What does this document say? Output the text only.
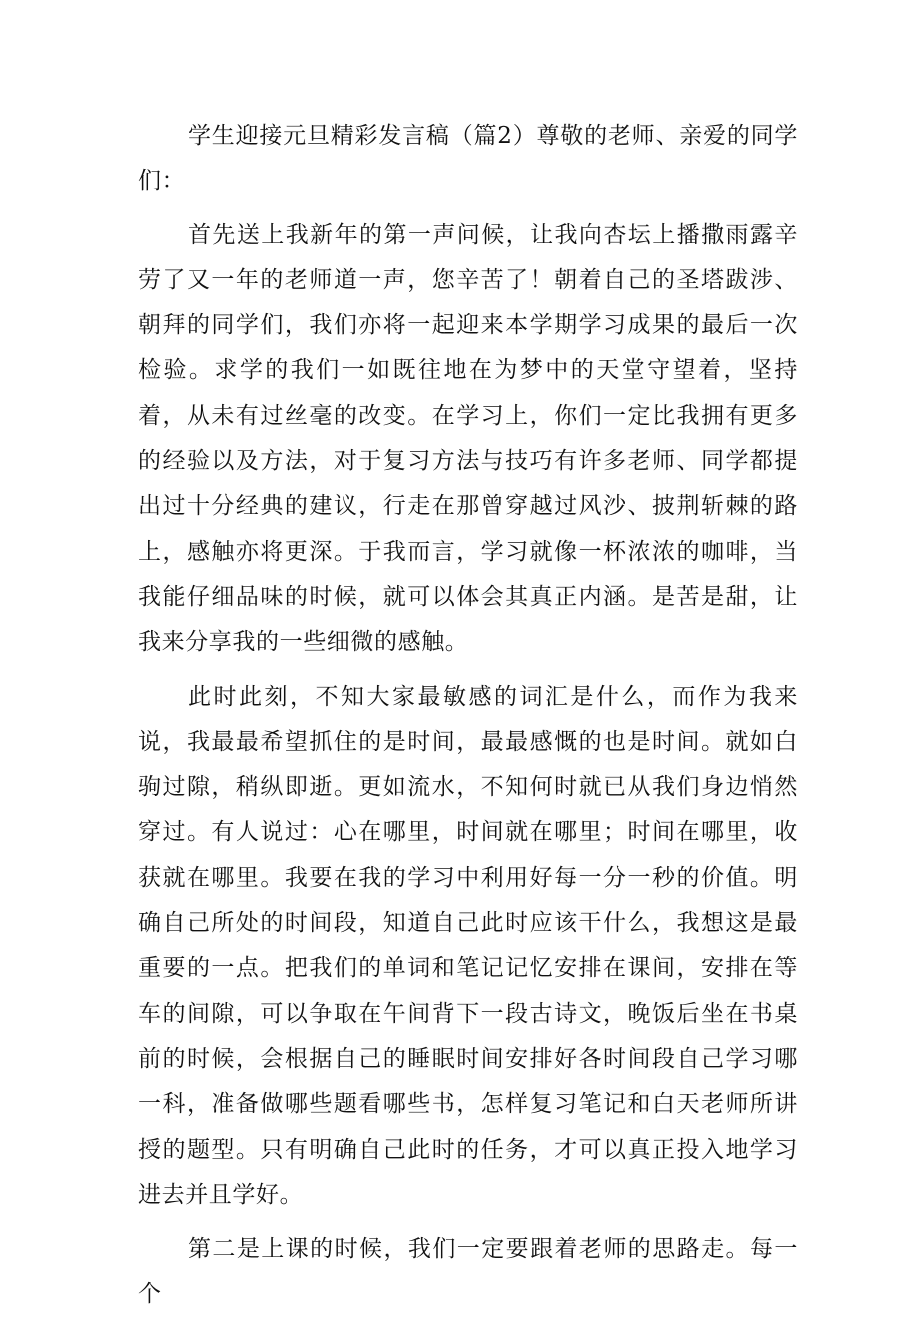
学生迎接元旦精彩发言稿（篇2）尊敬的老师、亲爱的同学们：

首先送上我新年的第一声问候，让我向杏坛上播撒雨露辛劳了又一年的老师道一声，您辛苦了！朝着自己的圣塔跋涉、朝拜的同学们，我们亦将一起迎来本学期学习成果的最后一次检验。求学的我们一如既往地在为梦中的天堂守望着，坚持着，从未有过丝毫的改变。在学习上，你们一定比我拥有更多的经验以及方法，对于复习方法与技巧有许多老师、同学都提出过十分经典的建议，行走在那曾穿越过风沙、披荆斩棘的路上，感触亦将更深。于我而言，学习就像一杯浓浓的咖啡，当我能仔细品味的时候，就可以体会其真正内涵。是苦是甜，让我来分享我的一些细微的感触。

此时此刻，不知大家最敏感的词汇是什么，而作为我来说，我最最希望抓住的是时间，最最感慨的也是时间。就如白驹过隙，稍纵即逝。更如流水，不知何时就已从我们身边悄然穿过。有人说过：心在哪里，时间就在哪里；时间在哪里，收获就在哪里。我要在我的学习中利用好每一分一秒的价值。明确自己所处的时间段，知道自己此时应该干什么，我想这是最重要的一点。把我们的单词和笔记记忆安排在课间，安排在等车的间隙，可以争取在午间背下一段古诗文，晚饭后坐在书桌前的时候，会根据自己的睡眠时间安排好各时间段自己学习哪一科，准备做哪些题看哪些书，怎样复习笔记和白天老师所讲授的题型。只有明确自己此时的任务，才可以真正投入地学习进去并且学好。

第二是上课的时候，我们一定要跟着老师的思路走。每一个
